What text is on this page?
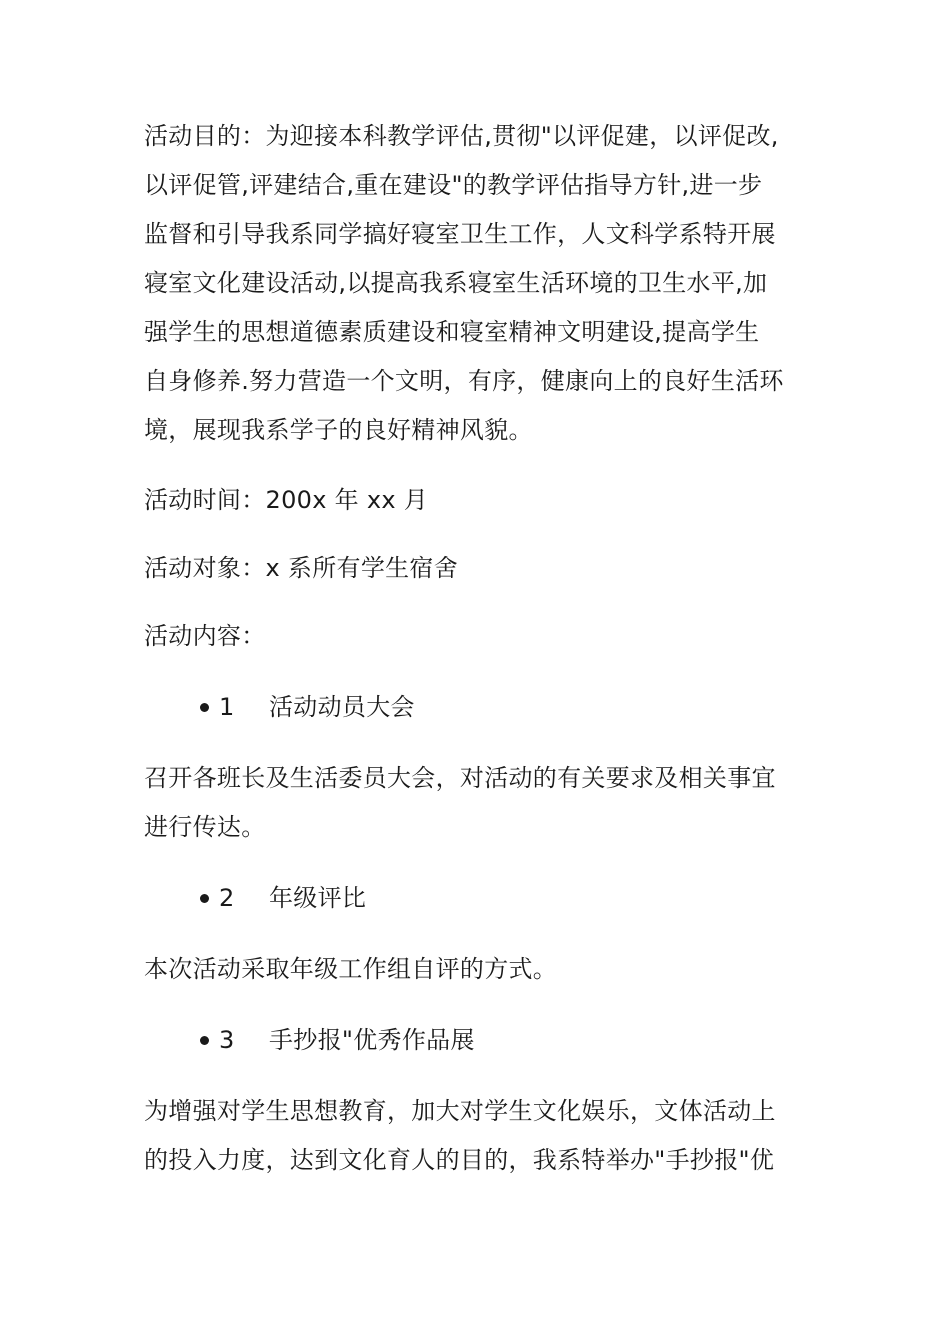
活动目的：为迎接本科教学评估,贯彻"以评促建，以评促改,

以评促管,评建结合,重在建设"的教学评估指导方针,进一步

监督和引导我系同学搞好寝室卫生工作，人文科学系特开展

寝室文化建设活动,以提高我系寝室生活环境的卫生水平,加

强学生的思想道德素质建设和寝室精神文明建设,提高学生

自身修养.努力营造一个文明，有序，健康向上的良好生活环

境，展现我系学子的良好精神风貌。

活动时间：200x 年 xx 月

活动对象：x 系所有学生宿舍

活动内容：

1	活动动员大会

召开各班长及生活委员大会，对活动的有关要求及相关事宜

进行传达。

2	年级评比

本次活动采取年级工作组自评的方式。

3	手抄报"优秀作品展

为增强对学生思想教育，加大对学生文化娱乐，文体活动上

的投入力度，达到文化育人的目的，我系特举办"手抄报"优
